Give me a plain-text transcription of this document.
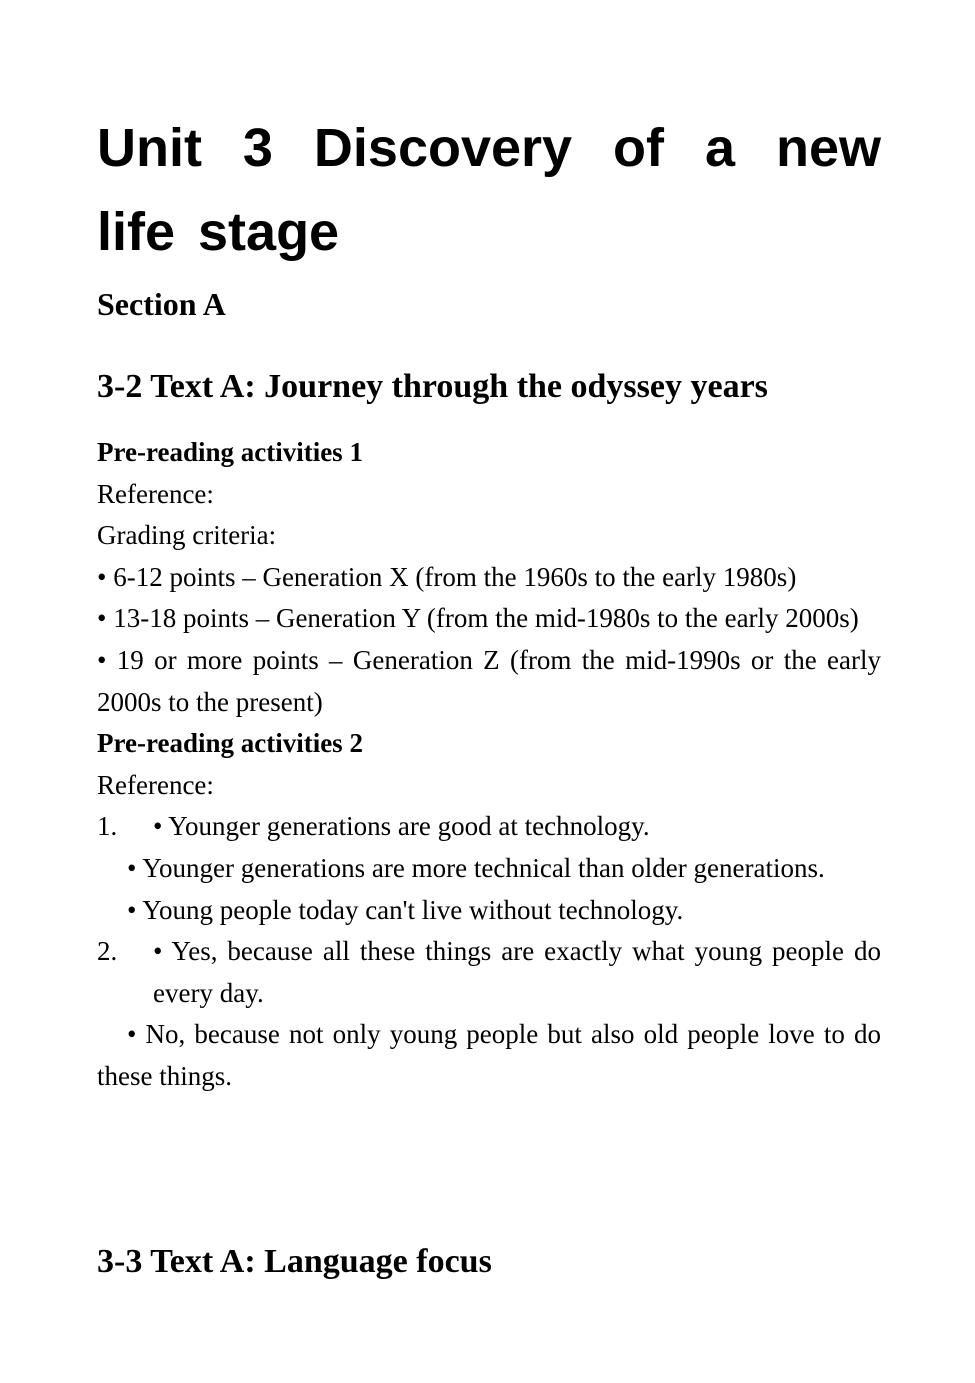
Unit 3 Discovery of a new life stage
Section A
3-2 Text A: Journey through the odyssey years

Pre-reading activities 1

Reference:

Grading criteria:

• 6-12 points – Generation X (from the 1960s to the early 1980s)

• 13-18 points – Generation Y (from the mid-1980s to the early 2000s)

• 19 or more points – Generation Z (from the mid-1990s or the early 2000s to the present)

Pre-reading activities 2

Reference:

1.	• Younger generations are good at technology.

• Younger generations are more technical than older generations.

• Young people today can't live without technology.

2.	• Yes, because all these things are exactly what young people do every day.

• No, because not only young people but also old people love to do these things.

3-3 Text A: Language focus
